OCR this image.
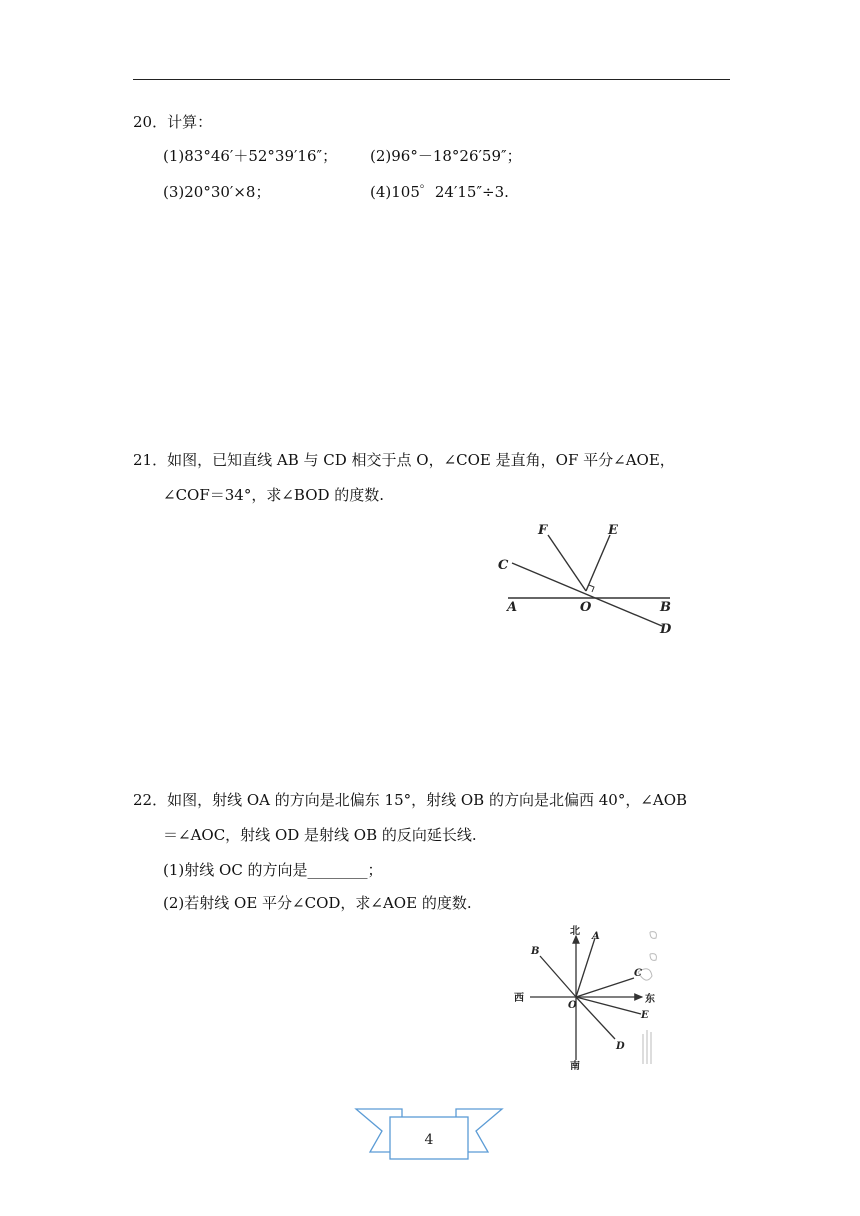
20．计算：
(1)83°46′＋52°39′16″； (2)96°－18°26′59″；
(3)20°30′×8；	(4)105゜24′15″÷3.
21．如图，已知直线 AB 与 CD 相交于点 O，∠COE 是直角，OF 平分∠AOE，
∠COF＝34°，求∠BOD 的度数.
F	E
C
A	O	B
D
22．如图，射线 OA 的方向是北偏东 15°，射线 OB 的方向是北偏西 40°，∠AOB
＝∠AOC，射线 OD 是射线 OB 的反向延长线.
(1)射线 OC 的方向是________；
(2)若射线 OE 平分∠COD，求∠AOE 的度数.
北
南
西	东
A
B
C
D
E
O
4
